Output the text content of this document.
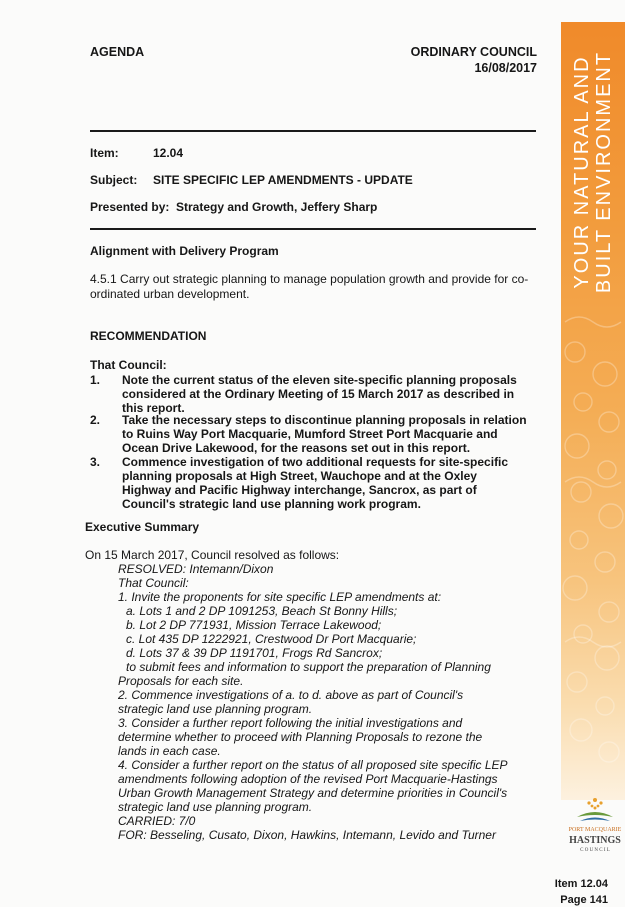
AGENDA	ORDINARY COUNCIL
16/08/2017
Item:	12.04
Subject: SITE SPECIFIC LEP AMENDMENTS - UPDATE
Presented by: Strategy and Growth, Jeffery Sharp
Alignment with Delivery Program
4.5.1 Carry out strategic planning to manage population growth and provide for co-
ordinated urban development.
RECOMMENDATION
That Council:
1. Note the current status of the eleven site-specific planning proposals
considered at the Ordinary Meeting of 15 March 2017 as described in
this report.
2. Take the necessary steps to discontinue planning proposals in relation
to Ruins Way Port Macquarie, Mumford Street Port Macquarie and
Ocean Drive Lakewood, for the reasons set out in this report.
3. Commence investigation of two additional requests for site-specific
planning proposals at High Street, Wauchope and at the Oxley
Highway and Pacific Highway interchange, Sancrox, as part of
Council's strategic land use planning work program.
Executive Summary
On 15 March 2017, Council resolved as follows:
RESOLVED: Intemann/Dixon
That Council:
1. Invite the proponents for site specific LEP amendments at:
a. Lots 1 and 2 DP 1091253, Beach St Bonny Hills;
b. Lot 2 DP 771931, Mission Terrace Lakewood;
c. Lot 435 DP 1222921, Crestwood Dr Port Macquarie;
d. Lots 37 & 39 DP 1191701, Frogs Rd Sancrox;
to submit fees and information to support the preparation of Planning
Proposals for each site.
2. Commence investigations of a. to d. above as part of Council's
strategic land use planning program.
3. Consider a further report following the initial investigations and
determine whether to proceed with Planning Proposals to rezone the
lands in each case.
4. Consider a further report on the status of all proposed site specific LEP
amendments following adoption of the revised Port Macquarie-Hastings
Urban Growth Management Strategy and determine priorities in Council's
strategic land use planning program.
CARRIED: 7/0
FOR: Besseling, Cusato, Dixon, Hawkins, Intemann, Levido and Turner
YOUR NATURAL AND BUILT ENVIRONMENT
PORT MACQUARIE
HASTINGS
C O U N C I L
Item 12.04
Page 141
